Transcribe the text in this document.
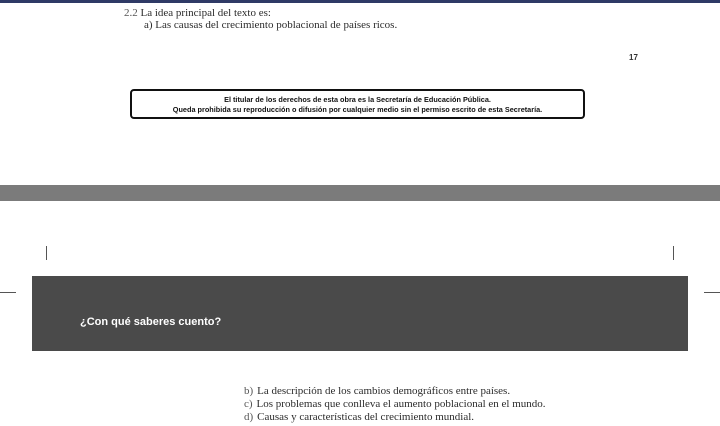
2.2 La idea principal del texto es:
a) Las causas del crecimiento poblacional de países ricos.
17
El titular de los derechos de esta obra es la Secretaría de Educación Pública.
Queda prohibida su reproducción o difusión por cualquier medio sin el permiso escrito de esta Secretaría.
¿Con qué saberes cuento?
b) La descripción de los cambios demográficos entre países.
c) Los problemas que conlleva el aumento poblacional en el mundo.
d) Causas y características del crecimiento mundial.
